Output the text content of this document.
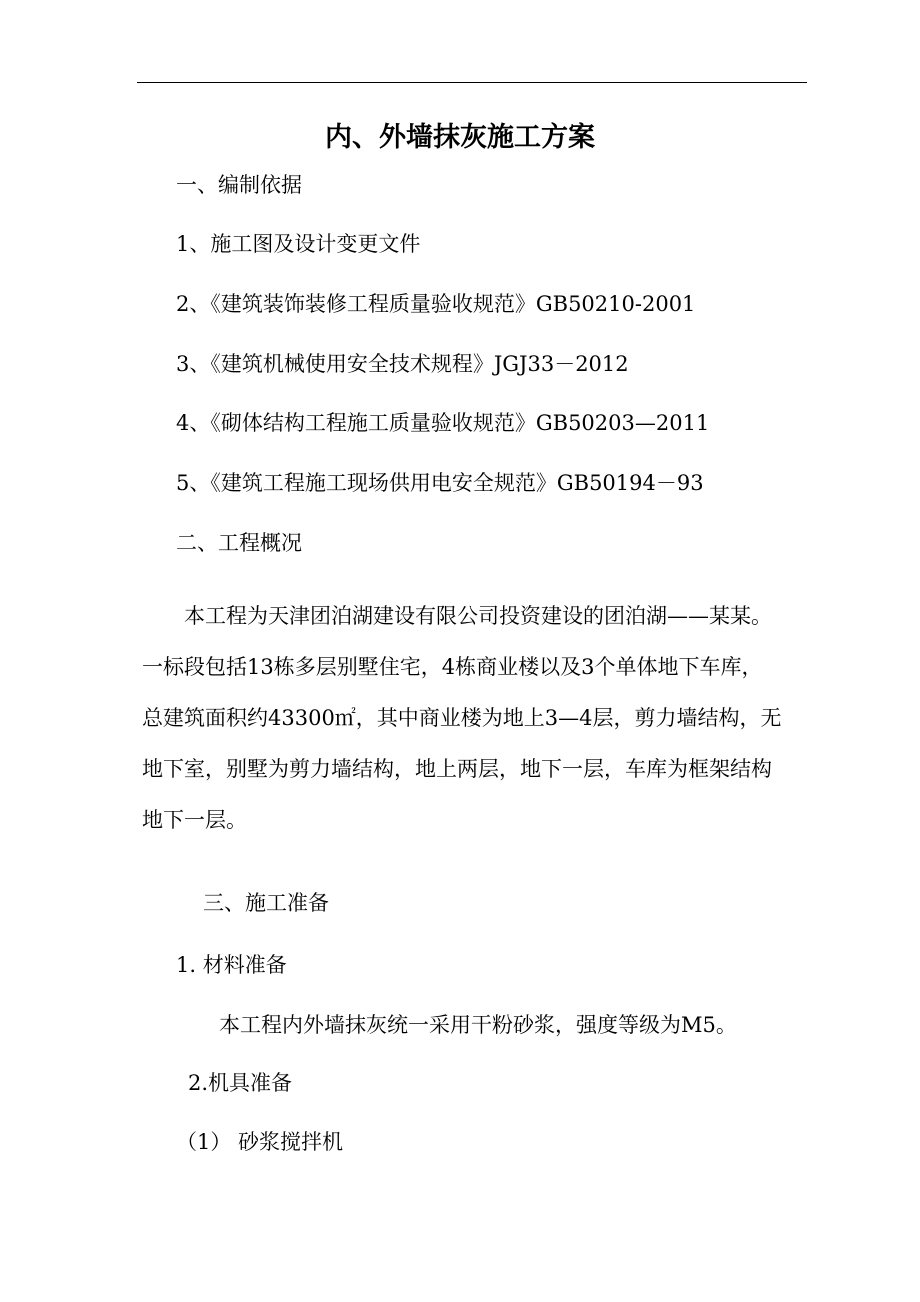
内、外墙抹灰施工方案
一、编制依据
1、施工图及设计变更文件
2、《建筑装饰装修工程质量验收规范》GB50210-2001
3、《建筑机械使用安全技术规程》JGJ33－2012
4、《砌体结构工程施工质量验收规范》GB50203—2011
5、《建筑工程施工现场供用电安全规范》GB50194－93
二、工程概况

本工程为天津团泊湖建设有限公司投资建设的团泊湖——某某。一标段包括13栋多层别墅住宅，4栋商业楼以及3个单体地下车库，总建筑面积约43300㎡，其中商业楼为地上3—4层，剪力墙结构，无地下室，别墅为剪力墙结构，地上两层，地下一层，车库为框架结构地下一层。

三、施工准备
1. 材料准备
本工程内外墙抹灰统一采用干粉砂浆，强度等级为M5。
2.机具准备
（1） 砂浆搅拌机
